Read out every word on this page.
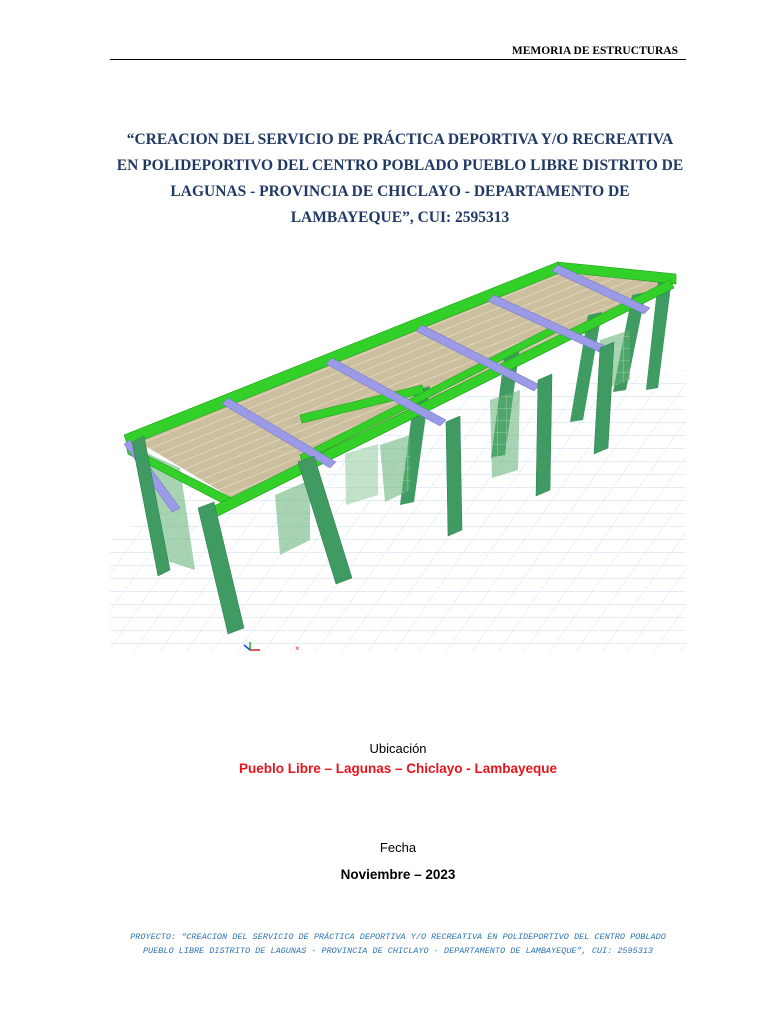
MEMORIA DE ESTRUCTURAS
“CREACION DEL SERVICIO DE PRÁCTICA DEPORTIVA Y/O RECREATIVA
EN POLIDEPORTIVO DEL CENTRO POBLADO PUEBLO LIBRE DISTRITO DE
LAGUNAS - PROVINCIA DE CHICLAYO - DEPARTAMENTO DE
LAMBAYEQUE”, CUI: 2595313
×
Ubicación
Pueblo Libre – Lagunas – Chiclayo - Lambayeque
Fecha
Noviembre – 2023
PROYECTO: “CREACION DEL SERVICIO DE PRÁCTICA DEPORTIVA Y/O RECREATIVA EN POLIDEPORTIVO DEL CENTRO POBLADO
PUEBLO LIBRE DISTRITO DE LAGUNAS - PROVINCIA DE CHICLAYO - DEPARTAMENTO DE LAMBAYEQUE”, CUI: 2595313
